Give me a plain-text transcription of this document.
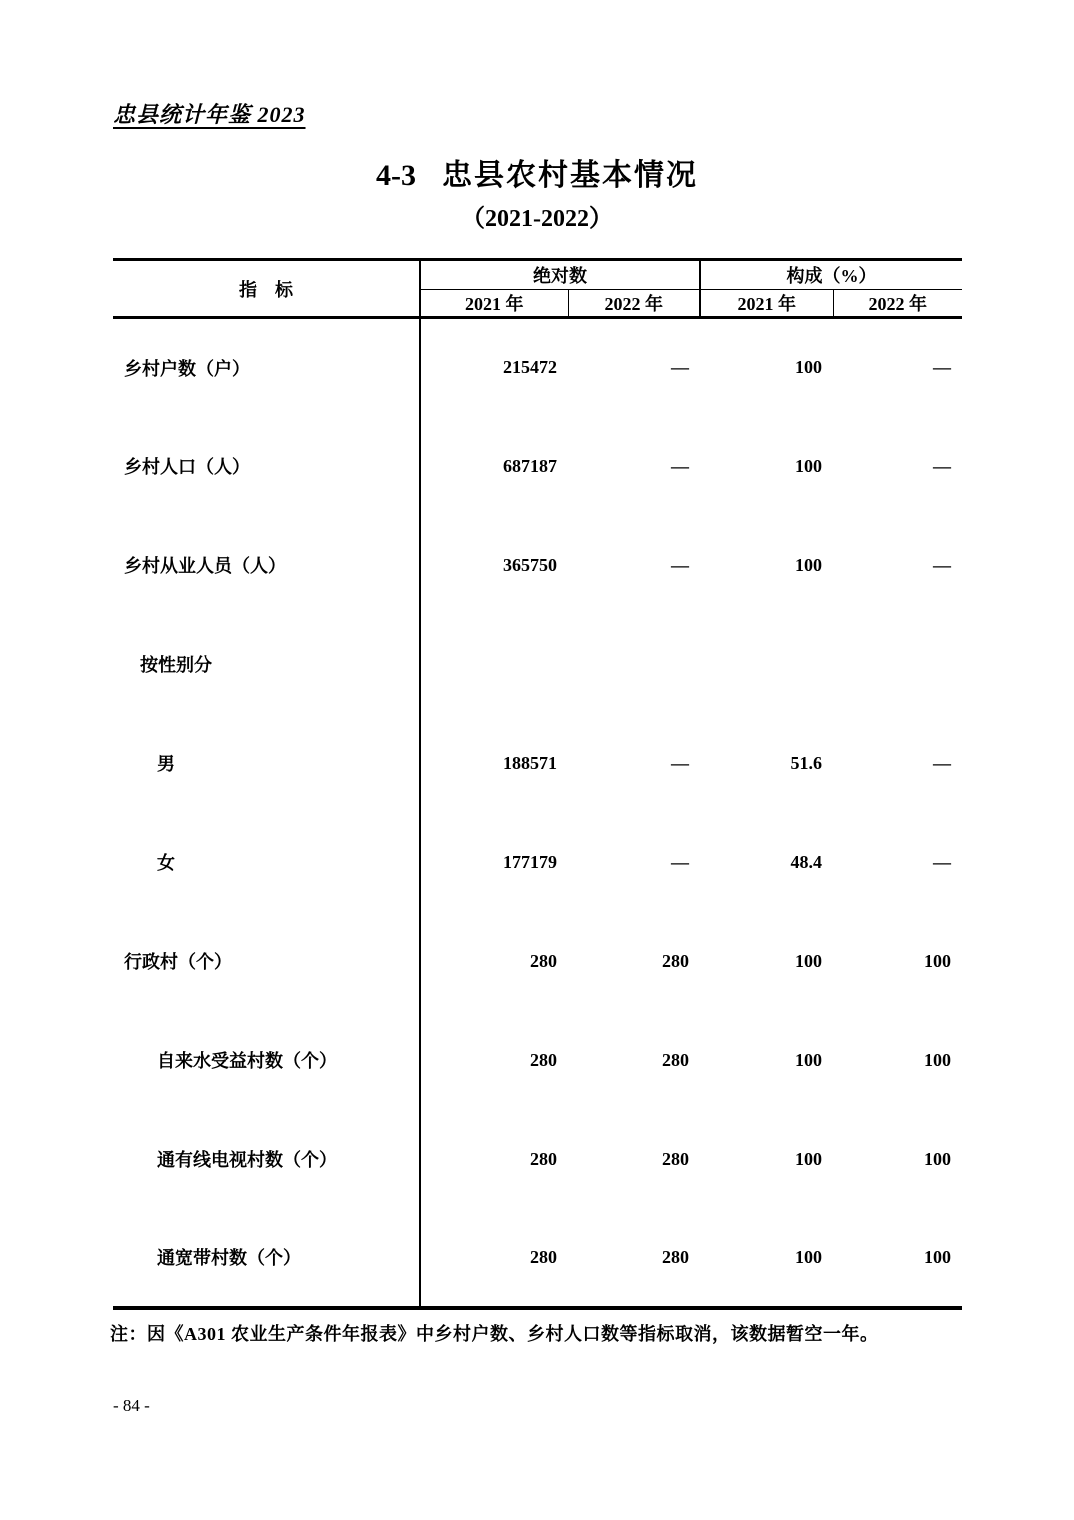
忠县统计年鉴 2023
4-3 忠县农村基本情况
（2021-2022）
指　标	绝对数		构成（%）	
	2021 年	2022 年	2021 年	2022 年
乡村户数（户）	215472	—	100	—
乡村人口（人）	687187	—	100	—
乡村从业人员（人）	365750	—	100	—
按性别分				
男	188571	—	51.6	—
女	177179	—	48.4	—
行政村（个）	280	280	100	100
自来水受益村数（个）	280	280	100	100
通有线电视村数（个）	280	280	100	100
通宽带村数（个）	280	280	100	100
注：因《A301 农业生产条件年报表》中乡村户数、乡村人口数等指标取消，该数据暂空一年。
- 84 -
